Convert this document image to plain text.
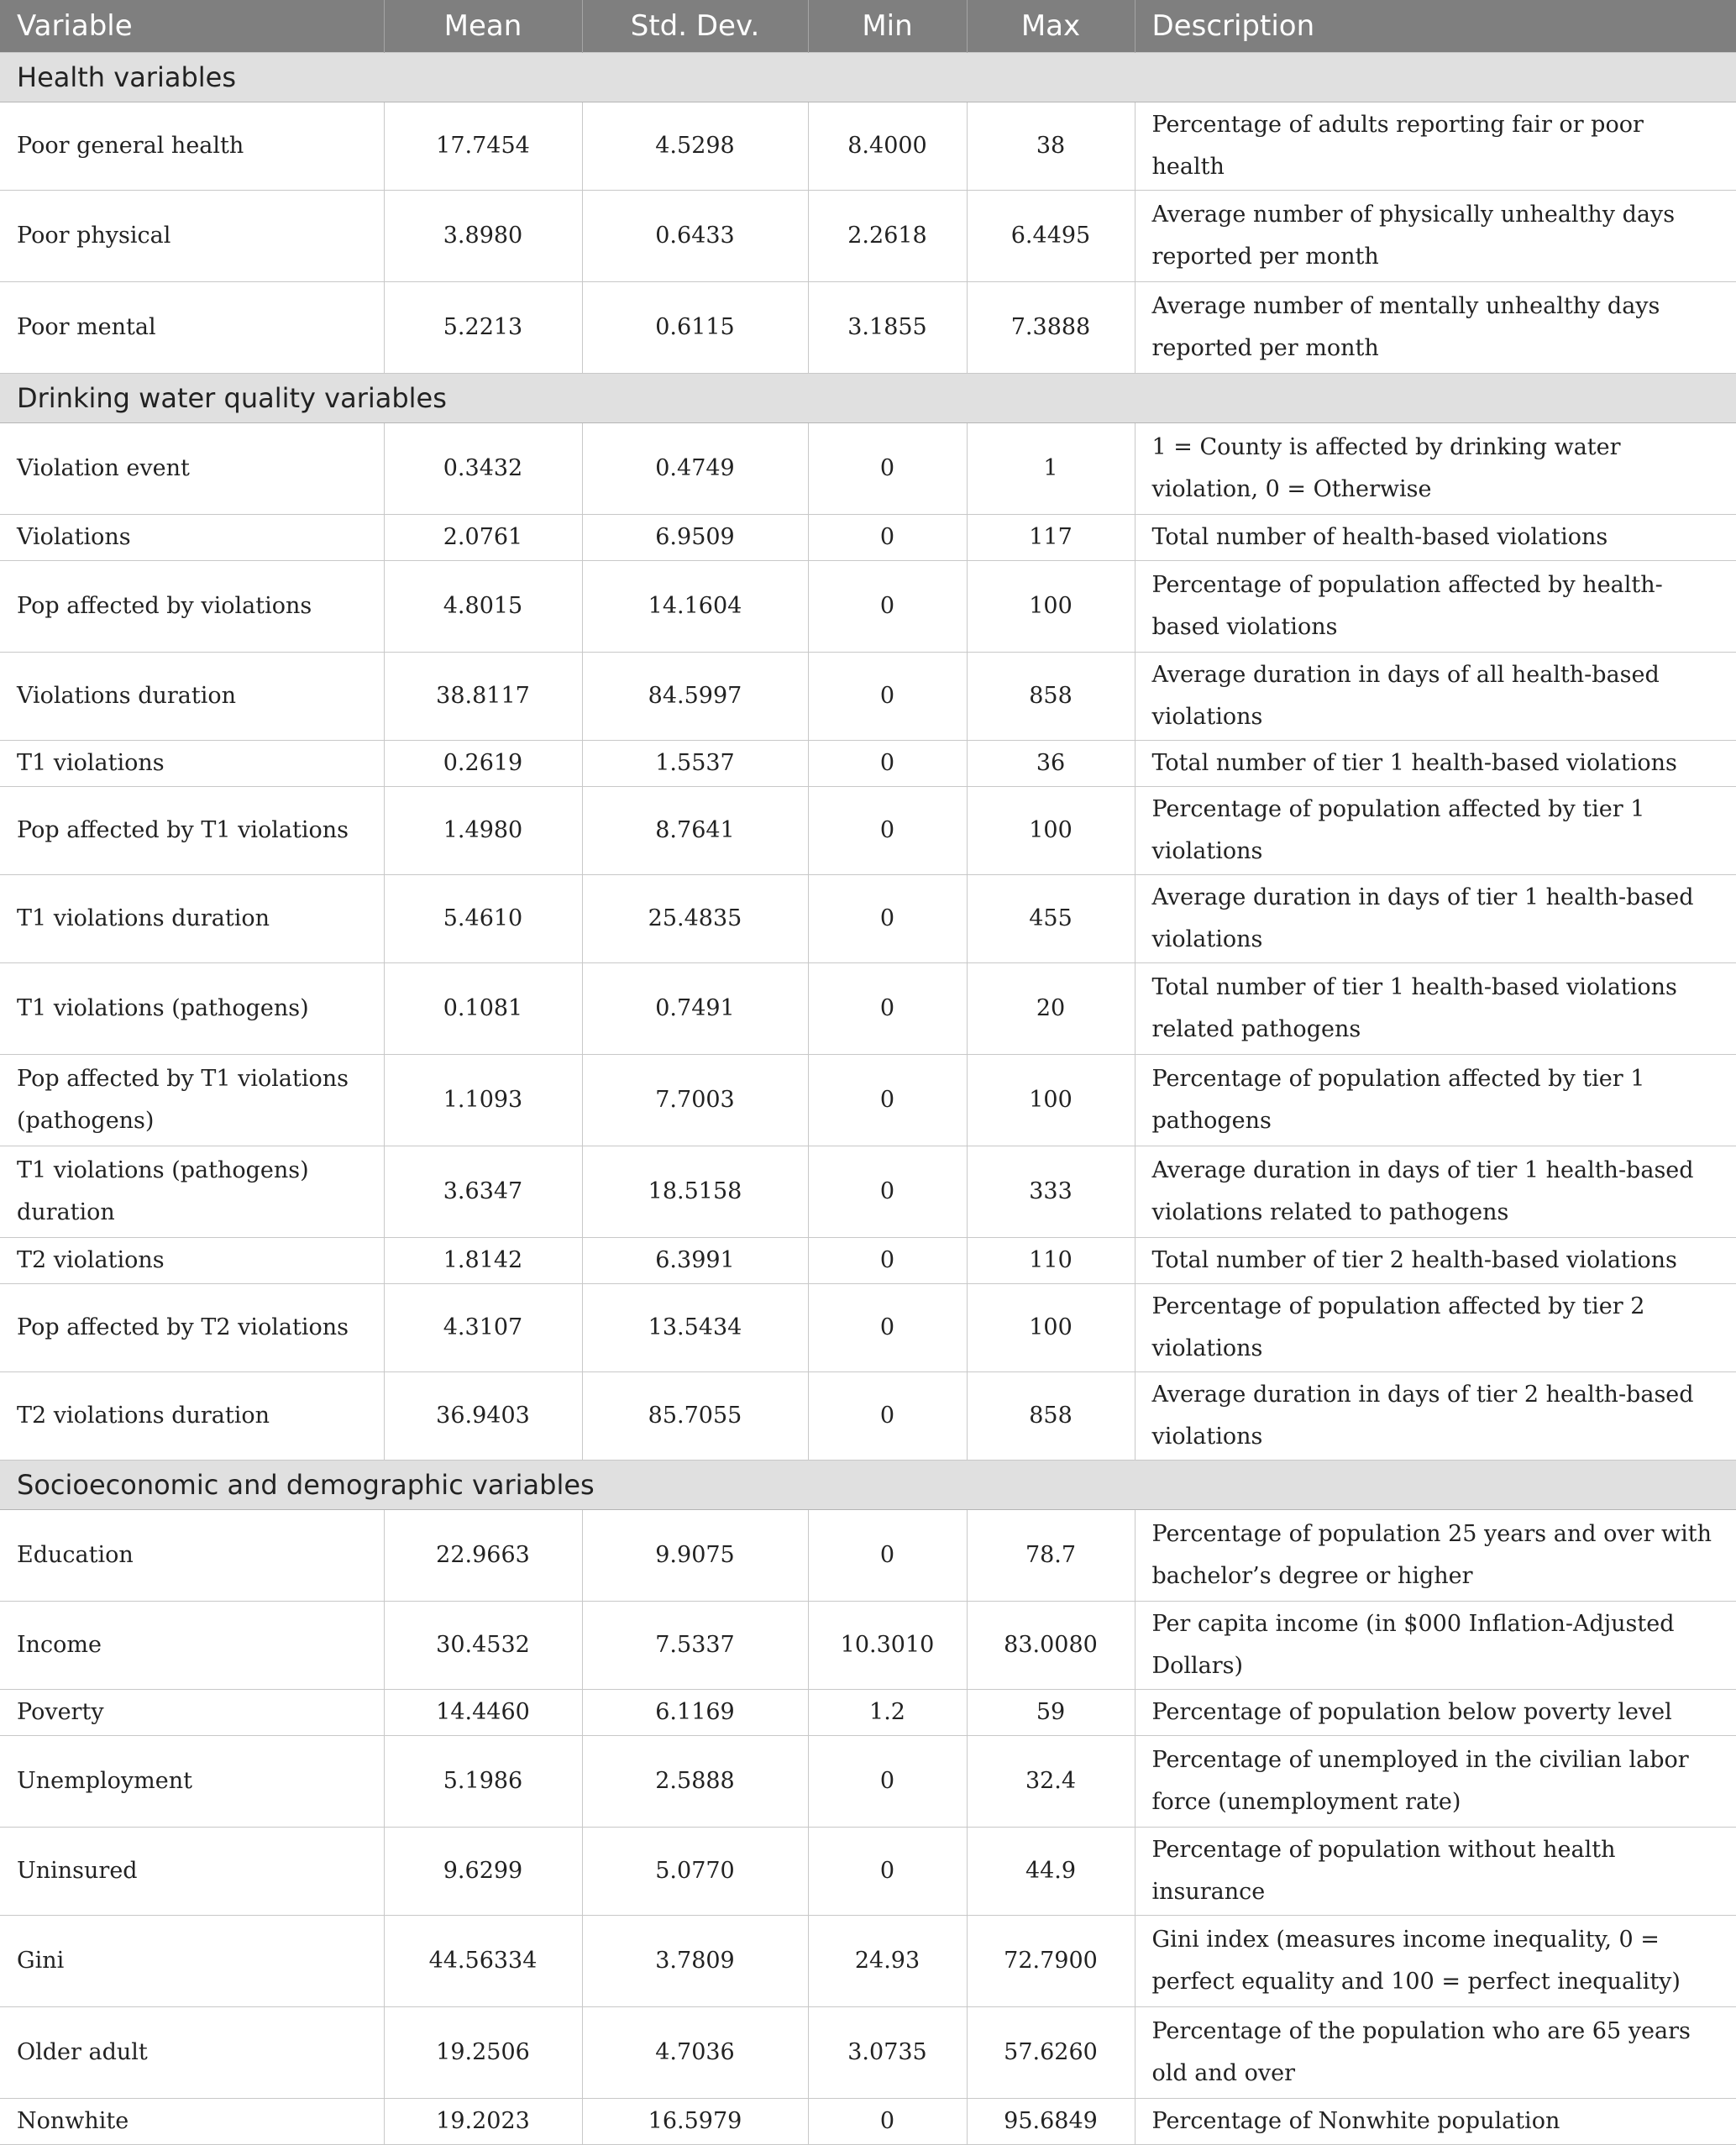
Variable	Mean	Std. Dev.	Min	Max	Description
Health variables					
Poor general health	17.7454	4.5298	8.4000	38	Percentage of adults reporting fair or poor health
Poor physical	3.8980	0.6433	2.2618	6.4495	Average number of physically unhealthy days reported per month
Poor mental	5.2213	0.6115	3.1855	7.3888	Average number of mentally unhealthy days reported per month
Drinking water quality variables					
Violation event	0.3432	0.4749	0	1	1 = County is affected by drinking water violation, 0 = Otherwise
Violations	2.0761	6.9509	0	117	Total number of health-based violations
Pop affected by violations	4.8015	14.1604	0	100	Percentage of population affected by health-based violations
Violations duration	38.8117	84.5997	0	858	Average duration in days of all health-based violations
T1 violations	0.2619	1.5537	0	36	Total number of tier 1 health-based violations
Pop affected by T1 violations	1.4980	8.7641	0	100	Percentage of population affected by tier 1 violations
T1 violations duration	5.4610	25.4835	0	455	Average duration in days of tier 1 health-based violations
T1 violations (pathogens)	0.1081	0.7491	0	20	Total number of tier 1 health-based violations related pathogens
Pop affected by T1 violations (pathogens)	1.1093	7.7003	0	100	Percentage of population affected by tier 1 pathogens
T1 violations (pathogens) duration	3.6347	18.5158	0	333	Average duration in days of tier 1 health-based violations related to pathogens
T2 violations	1.8142	6.3991	0	110	Total number of tier 2 health-based violations
Pop affected by T2 violations	4.3107	13.5434	0	100	Percentage of population affected by tier 2 violations
T2 violations duration	36.9403	85.7055	0	858	Average duration in days of tier 2 health-based violations
Socioeconomic and demographic variables					
Education	22.9663	9.9075	0	78.7	Percentage of population 25 years and over with bachelor’s degree or higher
Income	30.4532	7.5337	10.3010	83.0080	Per capita income (in $000 Inflation-Adjusted Dollars)
Poverty	14.4460	6.1169	1.2	59	Percentage of population below poverty level
Unemployment	5.1986	2.5888	0	32.4	Percentage of unemployed in the civilian labor force (unemployment rate)
Uninsured	9.6299	5.0770	0	44.9	Percentage of population without health insurance
Gini	44.56334	3.7809	24.93	72.7900	Gini index (measures income inequality, 0 = perfect equality and 100 = perfect inequality)
Older adult	19.2506	4.7036	3.0735	57.6260	Percentage of the population who are 65 years old and over
Nonwhite	19.2023	16.5979	0	95.6849	Percentage of Nonwhite population
